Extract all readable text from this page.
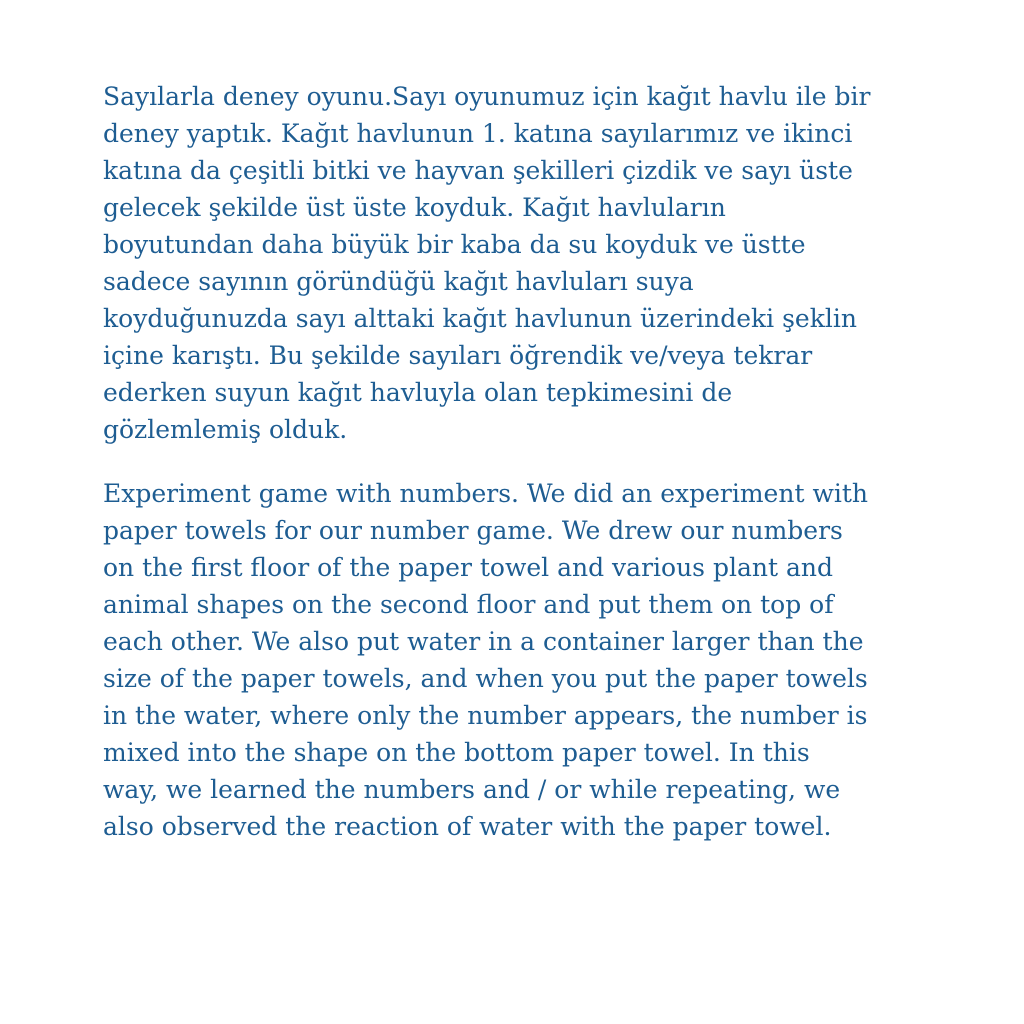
Sayılarla deney oyunu.Sayı oyunumuz için kağıt havlu ile bir
deney yaptık. Kağıt havlunun 1. katına sayılarımız ve ikinci
katına da çeşitli bitki ve hayvan şekilleri çizdik ve sayı üste
gelecek şekilde üst üste koyduk. Kağıt havluların
boyutundan daha büyük bir kaba da su koyduk ve üstte
sadece sayının göründüğü kağıt havluları suya
koyduğunuzda sayı alttaki kağıt havlunun üzerindeki şeklin
içine karıştı. Bu şekilde sayıları öğrendik ve/veya tekrar
ederken suyun kağıt havluyla olan tepkimesini de
gözlemlemiş olduk.

Experiment game with numbers. We did an experiment with
paper towels for our number game. We drew our numbers
on the first floor of the paper towel and various plant and
animal shapes on the second floor and put them on top of
each other. We also put water in a container larger than the
size of the paper towels, and when you put the paper towels
in the water, where only the number appears, the number is
mixed into the shape on the bottom paper towel. In this
way, we learned the numbers and / or while repeating, we
also observed the reaction of water with the paper towel.
